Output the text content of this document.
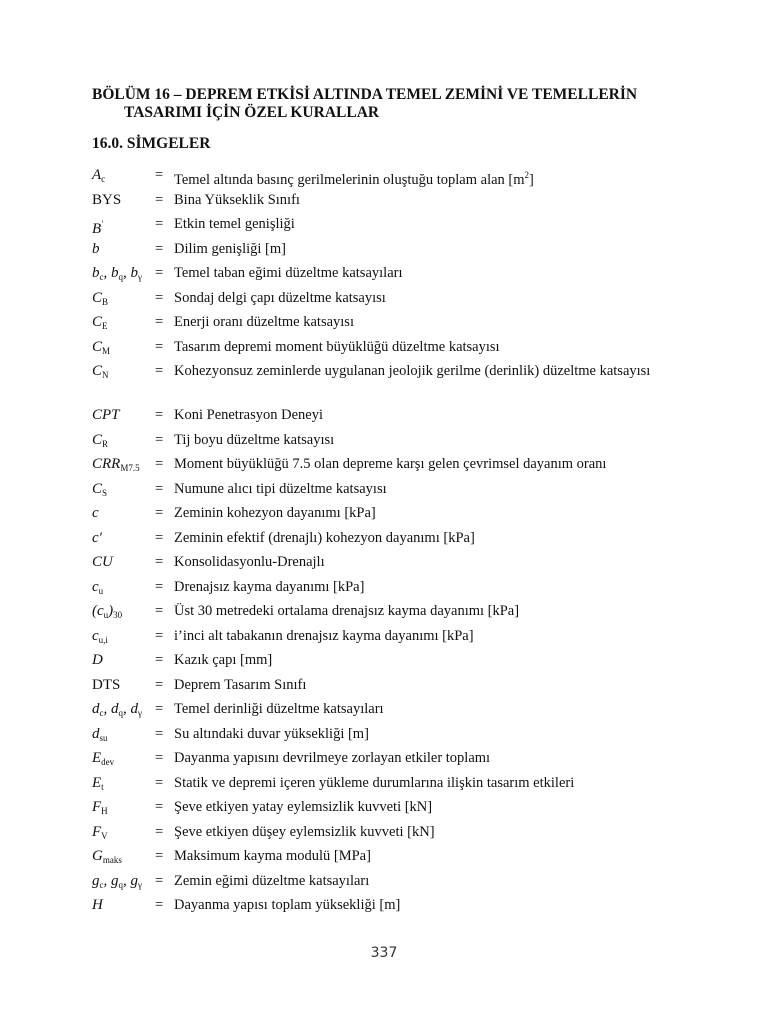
BÖLÜM 16 – DEPREM ETKİSİ ALTINDA TEMEL ZEMİNİ VE TEMELLERİN
TASARIMI İÇİN ÖZEL KURALLAR
16.0. SİMGELER
$A_c$	= Temel altında basınç gerilmelerinin oluştuğu toplam alan $[m^2]$
BYS	= Bina Yükseklik Sınıfı
B′	= Etkin temel genişliği
b	= Dilim genişliği [m]
$b_c$, $b_q$, $b_\gamma$ = Temel taban eğimi düzeltme katsayıları
$C_B$	= Sondaj delgi çapı düzeltme katsayısı
$C_E$	= Enerji oranı düzeltme katsayısı
$C_M$	= Tasarım depremi moment büyüklüğü düzeltme katsayısı
$C_N$	= Kohezyonsuz zeminlerde uygulanan jeolojik gerilme (derinlik) düzeltme katsayısı
CPT	= Koni Penetrasyon Deneyi
$C_R$	= Tij boyu düzeltme katsayısı
$CRR_{M7.5}$	= Moment büyüklüğü 7.5 olan depreme karşı gelen çevrimsel dayanım oranı
$C_S$	= Numune alıcı tipi düzeltme katsayısı
c	= Zeminin kohezyon dayanımı [kPa]
c′	= Zeminin efektif (drenajlı) kohezyon dayanımı [kPa]
CU	= Konsolidasyonlu-Drenajlı
$c_u$	= Drenajsız kayma dayanımı [kPa]
$(c_u)_{30}$	= Üst 30 metredeki ortalama drenajsız kayma dayanımı [kPa]
$c_{u,i}$	= i’inci alt tabakanın drenajsız kayma dayanımı [kPa]
D	= Kazık çapı [mm]
DTS	= Deprem Tasarım Sınıfı
$d_c$, $d_q$, $d_\gamma$ = Temel derinliği düzeltme katsayıları
$d_{su}$	= Su altındaki duvar yüksekliği [m]
$E_{dev}$	= Dayanma yapısını devrilmeye zorlayan etkiler toplamı
$E_t$	= Statik ve depremi içeren yükleme durumlarına ilişkin tasarım etkileri
$F_H$	= Şeve etkiyen yatay eylemsizlik kuvveti [kN]
$F_V$	= Şeve etkiyen düşey eylemsizlik kuvveti [kN]
$G_{maks}$	= Maksimum kayma modulü [MPa]
$g_c$, $g_q$, $g_\gamma = Zemin$ eğimi düzeltme katsayıları
H	= Dayanma yapısı toplam yüksekliği [m]
337
